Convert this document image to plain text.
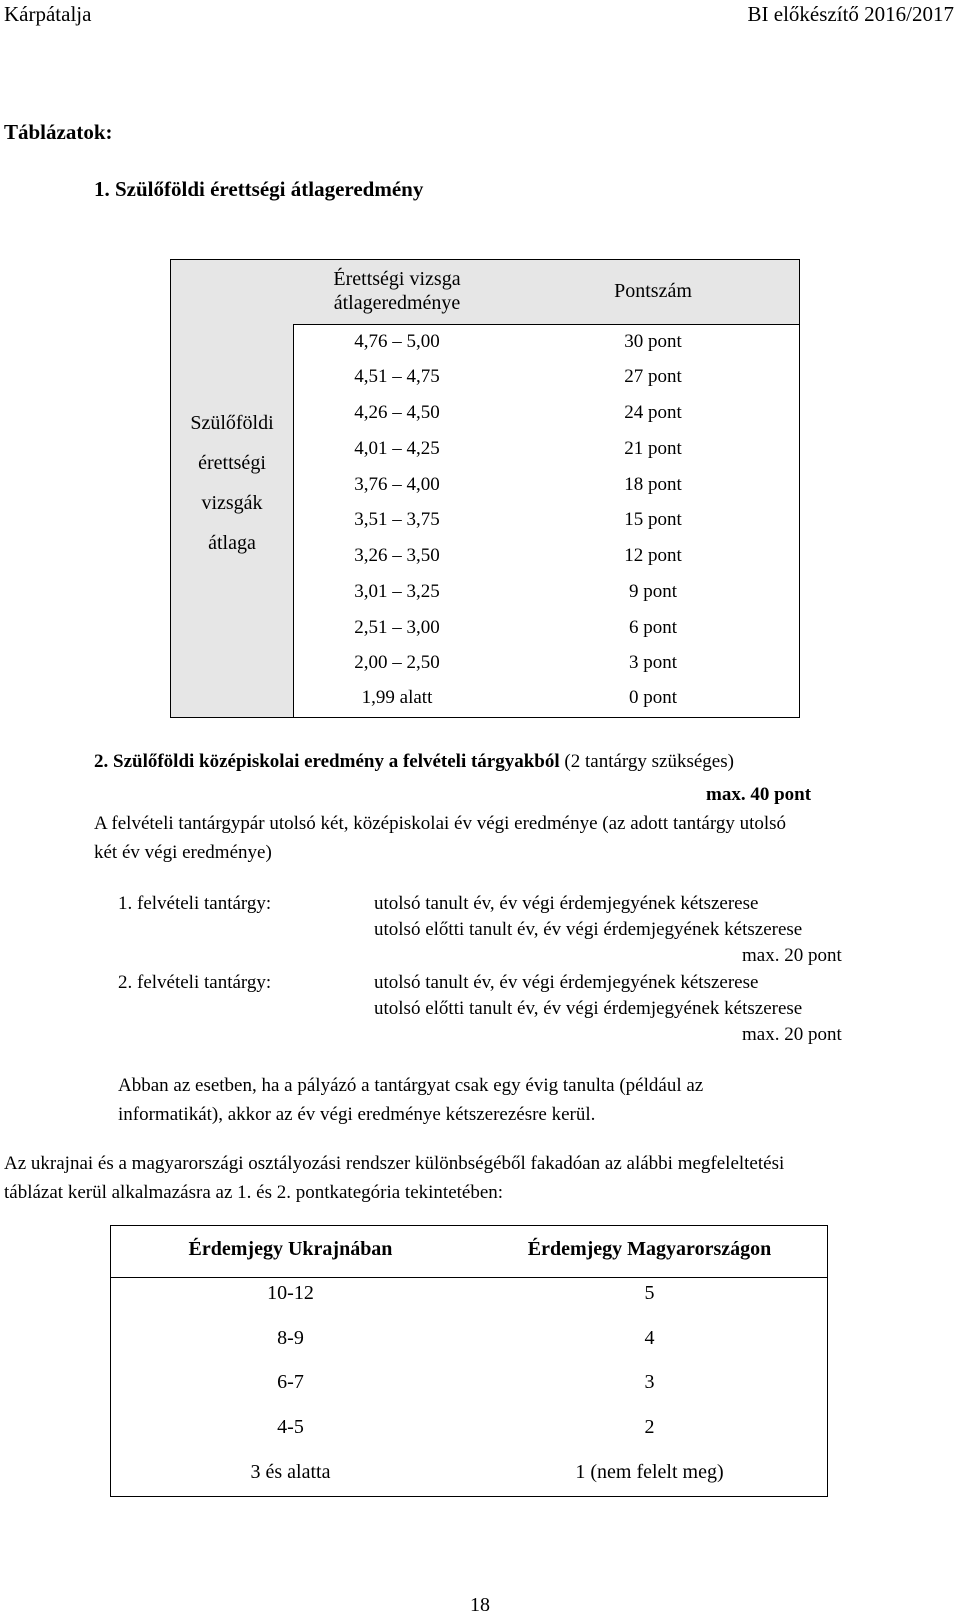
Kárpátalja	BI előkészítő 2016/2017
Táblázatok:
1. Szülőföldi érettségi átlageredmény
Szülőföldi
érettségi
vizsgák
átlaga
Érettségi vizsga
átlageredménye
Pontszám
4,76 – 5,00	30 pont
4,51 – 4,75	27 pont
4,26 – 4,50	24 pont
4,01 – 4,25	21 pont
3,76 – 4,00	18 pont
3,51 – 3,75	15 pont
3,26 – 3,50	12 pont
3,01 – 3,25	9 pont
2,51 – 3,00	6 pont
2,00 – 2,50	3 pont
1,99 alatt	0 pont
2. Szülőföldi középiskolai eredmény a felvételi tárgyakból (2 tantárgy szükséges)
max. 40 pont
A felvételi tantárgypár utolsó két, középiskolai év végi eredménye (az adott tantárgy utolsó
két év végi eredménye)
1. felvételi tantárgy:	utolsó tanult év, év végi érdemjegyének kétszerese
utolsó előtti tanult év, év végi érdemjegyének kétszerese
max. 20 pont
2. felvételi tantárgy:	utolsó tanult év, év végi érdemjegyének kétszerese
utolsó előtti tanult év, év végi érdemjegyének kétszerese
max. 20 pont
Abban az esetben, ha a pályázó a tantárgyat csak egy évig tanulta (például az
informatikát), akkor az év végi eredménye kétszerezésre kerül.
Az ukrajnai és a magyarországi osztályozási rendszer különbségéből fakadóan az alábbi megfeleltetési
táblázat kerül alkalmazásra az 1. és 2. pontkategória tekintetében:
Érdemjegy Ukrajnában	Érdemjegy Magyarországon
10-12	5
8-9	4
6-7	3
4-5	2
3 és alatta	1 (nem felelt meg)
18
